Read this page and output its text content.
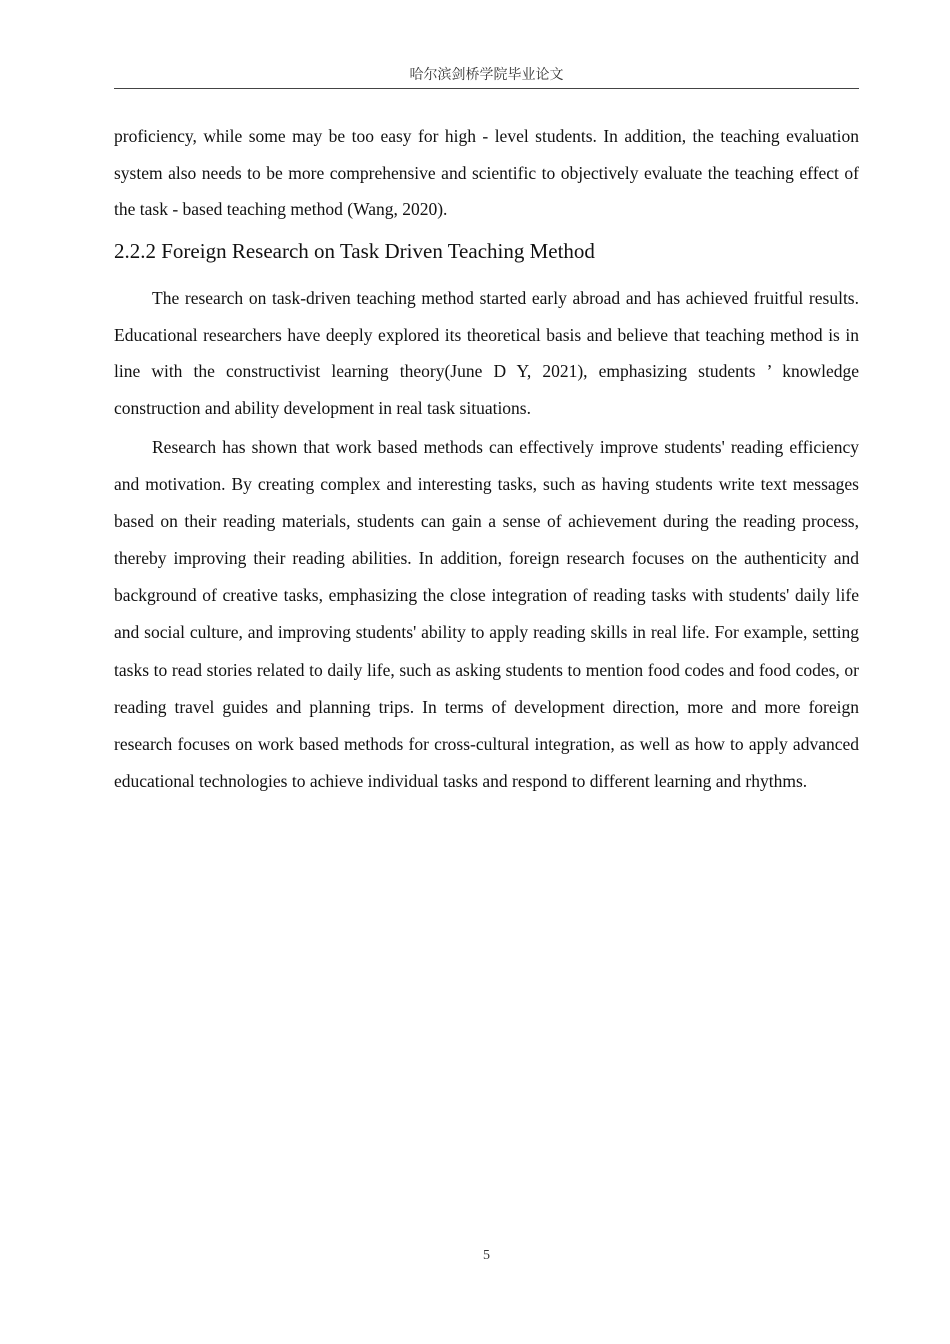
哈尔滨剑桥学院毕业论文

proficiency, while some may be too easy for high - level students. In addition, the teaching evaluation system also needs to be more comprehensive and scientific to objectively evaluate the teaching effect of the task - based teaching method (Wang, 2020).

2.2.2 Foreign Research on Task Driven Teaching Method

The research on task-driven teaching method started early abroad and has achieved fruitful results. Educational researchers have deeply explored its theoretical basis and believe that teaching method is in line with the constructivist learning theory(June D Y, 2021), emphasizing students ’ knowledge construction and ability development in real task situations.

Research has shown that work based methods can effectively improve students' reading efficiency and motivation. By creating complex and interesting tasks, such as having students write text messages based on their reading materials, students can gain a sense of achievement during the reading process, thereby improving their reading abilities. In addition, foreign research focuses on the authenticity and background of creative tasks, emphasizing the close integration of reading tasks with students' daily life and social culture, and improving students' ability to apply reading skills in real life. For example, setting tasks to read stories related to daily life, such as asking students to mention food codes and food codes, or reading travel guides and planning trips. In terms of development direction, more and more foreign research focuses on work based methods for cross-cultural integration, as well as how to apply advanced educational technologies to achieve individual tasks and respond to different learning and rhythms.

5
